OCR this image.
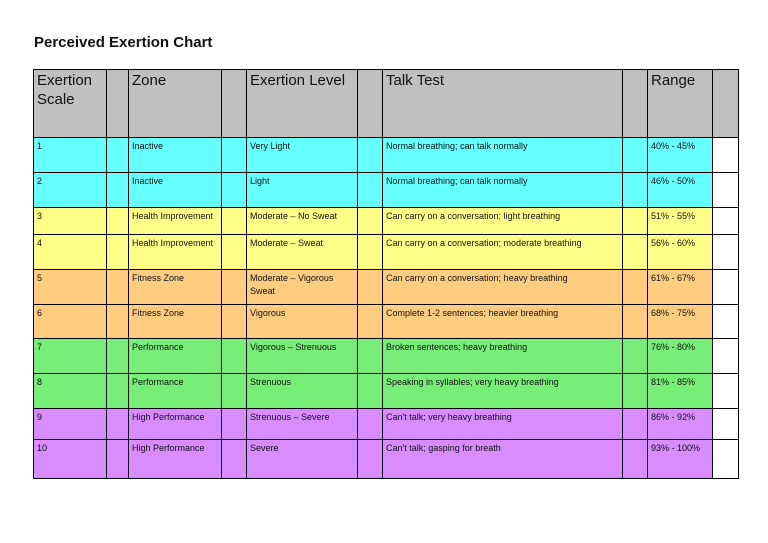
Perceived Exertion Chart
Exertion Scale		Zone		Exertion Level		Talk Test		Range	
1		Inactive		Very Light		Normal breathing; can talk normally		40% - 45%	
2		Inactive		Light		Normal breathing; can talk normally		46% - 50%	
3		Health Improvement		Moderate – No Sweat		Can carry on a conversation; light breathing		51% - 55%	
4		Health Improvement		Moderate – Sweat		Can carry on a conversation; moderate breathing		56% - 60%	
5		Fitness Zone		Moderate – Vigorous Sweat		Can carry on a conversation; heavy breathing		61% - 67%	
6		Fitness Zone		Vigorous		Complete 1-2 sentences; heavier breathing		68% - 75%	
7		Performance		Vigorous – Strenuous		Broken sentences; heavy breathing		76% - 80%	
8		Performance		Strenuous		Speaking in syllables; very heavy breathing		81% - 85%	
9		High Performance		Strenuous – Severe		Can't talk; very heavy breathing		86% - 92%	
10		High Performance		Severe		Can't talk; gasping for breath		93% - 100%	
